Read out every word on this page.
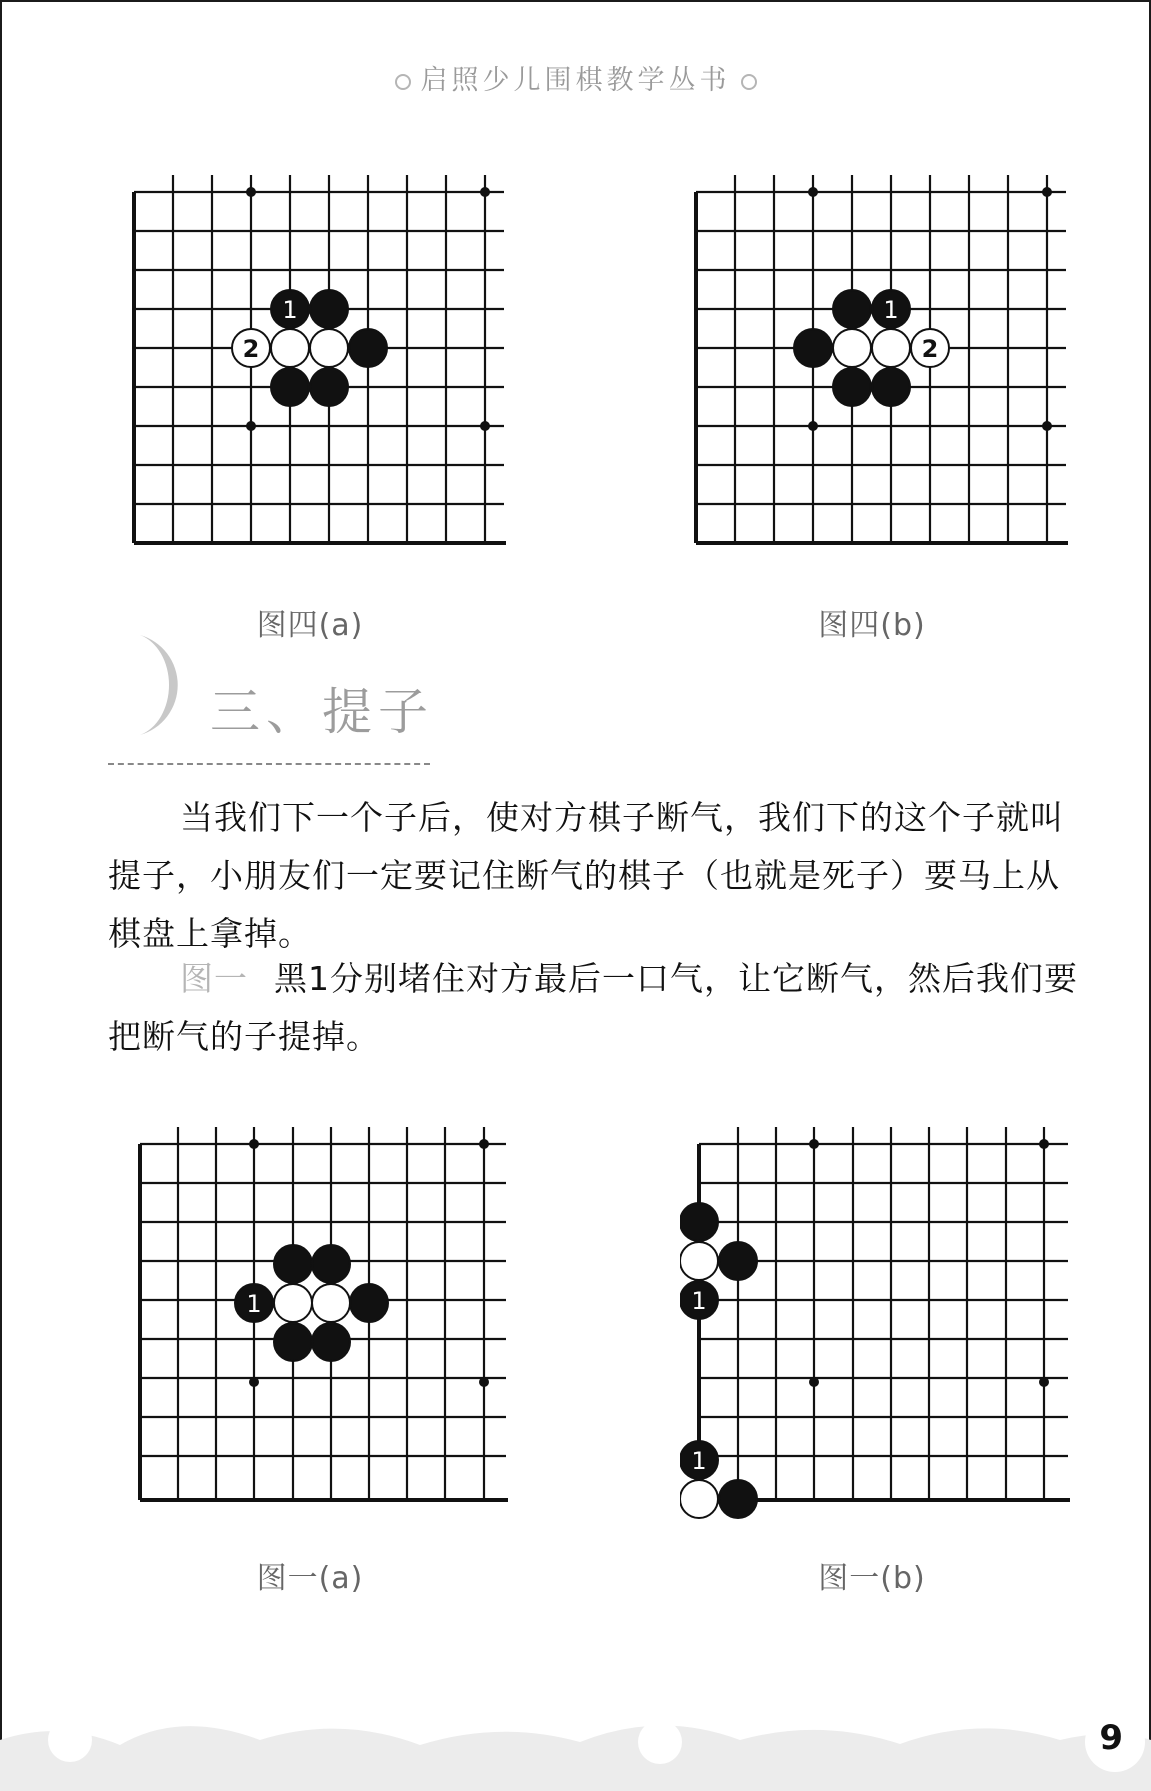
启照少儿围棋教学丛书
1
2
图四(a)
1
2
图四(b)
三、提子
当我们下一个子后，使对方棋子断气，我们下的这个子就叫提子，小朋友们一定要记住断气的棋子（也就是死子）要马上从棋盘上拿掉。
图一 黑1分别堵住对方最后一口气，让它断气，然后我们要把断气的子提掉。
1
图一(a)
1
1
图一(b)
9
